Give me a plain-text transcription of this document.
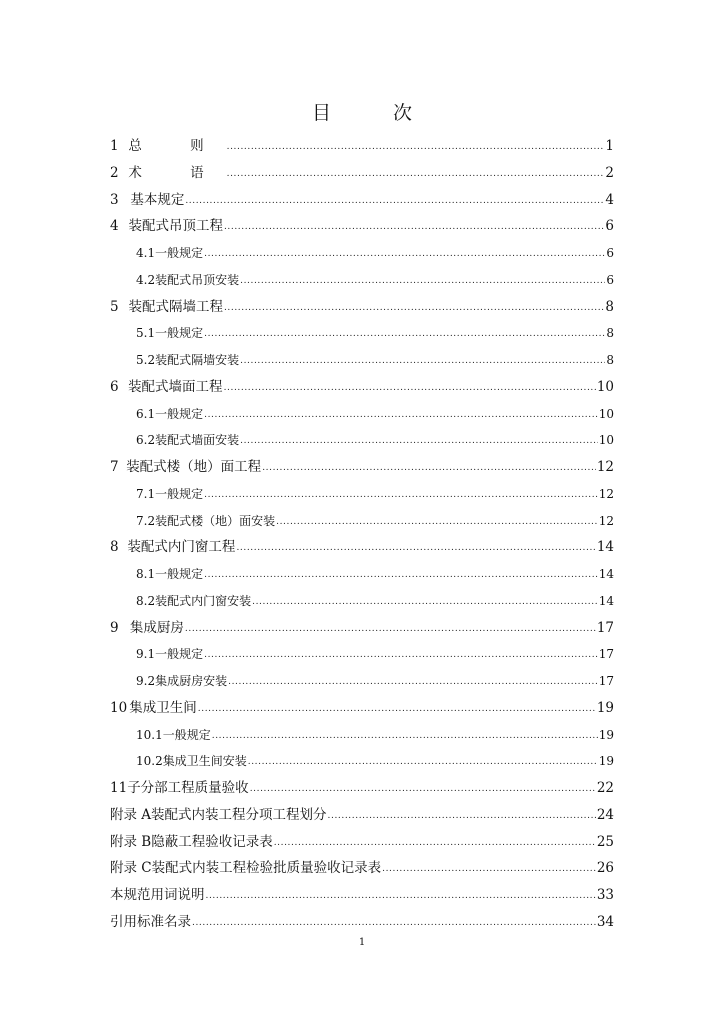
目 次
1 总 则 .....	1
2 术 语 .....	2
3 基本规定 .....	4
4 装配式吊顶工程 .....	6
4.1 一般规定 .....	6
4.2 装配式吊顶安装 .....	6
5 装配式隔墙工程 .....	8
5.1 一般规定 .....	8
5.2 装配式隔墙安装 .....	8
6 装配式墙面工程 .....	10
6.1 一般规定 .....	10
6.2 装配式墙面安装 .....	10
7 装配式楼（地）面工程 .....	12
7.1 一般规定 .....	12
7.2 装配式楼（地）面安装 .....	12
8 装配式内门窗工程 .....	14
8.1 一般规定 .....	14
8.2 装配式内门窗安装 .....	14
9 集成厨房 .....	17
9.1 一般规定 .....	17
9.2 集成厨房安装 .....	17
10 集成卫生间 .....	19
10.1 一般规定 .....	19
10.2 集成卫生间安装 .....	19
11 子分部工程质量验收 .....	22
附录 A 装配式内装工程分项工程划分 .....	24
附录 B 隐蔽工程验收记录表 .....	25
附录 C 装配式内装工程检验批质量验收记录表 .....	26
本规范用词说明 .....	33
引用标准名录 .....	34
1
